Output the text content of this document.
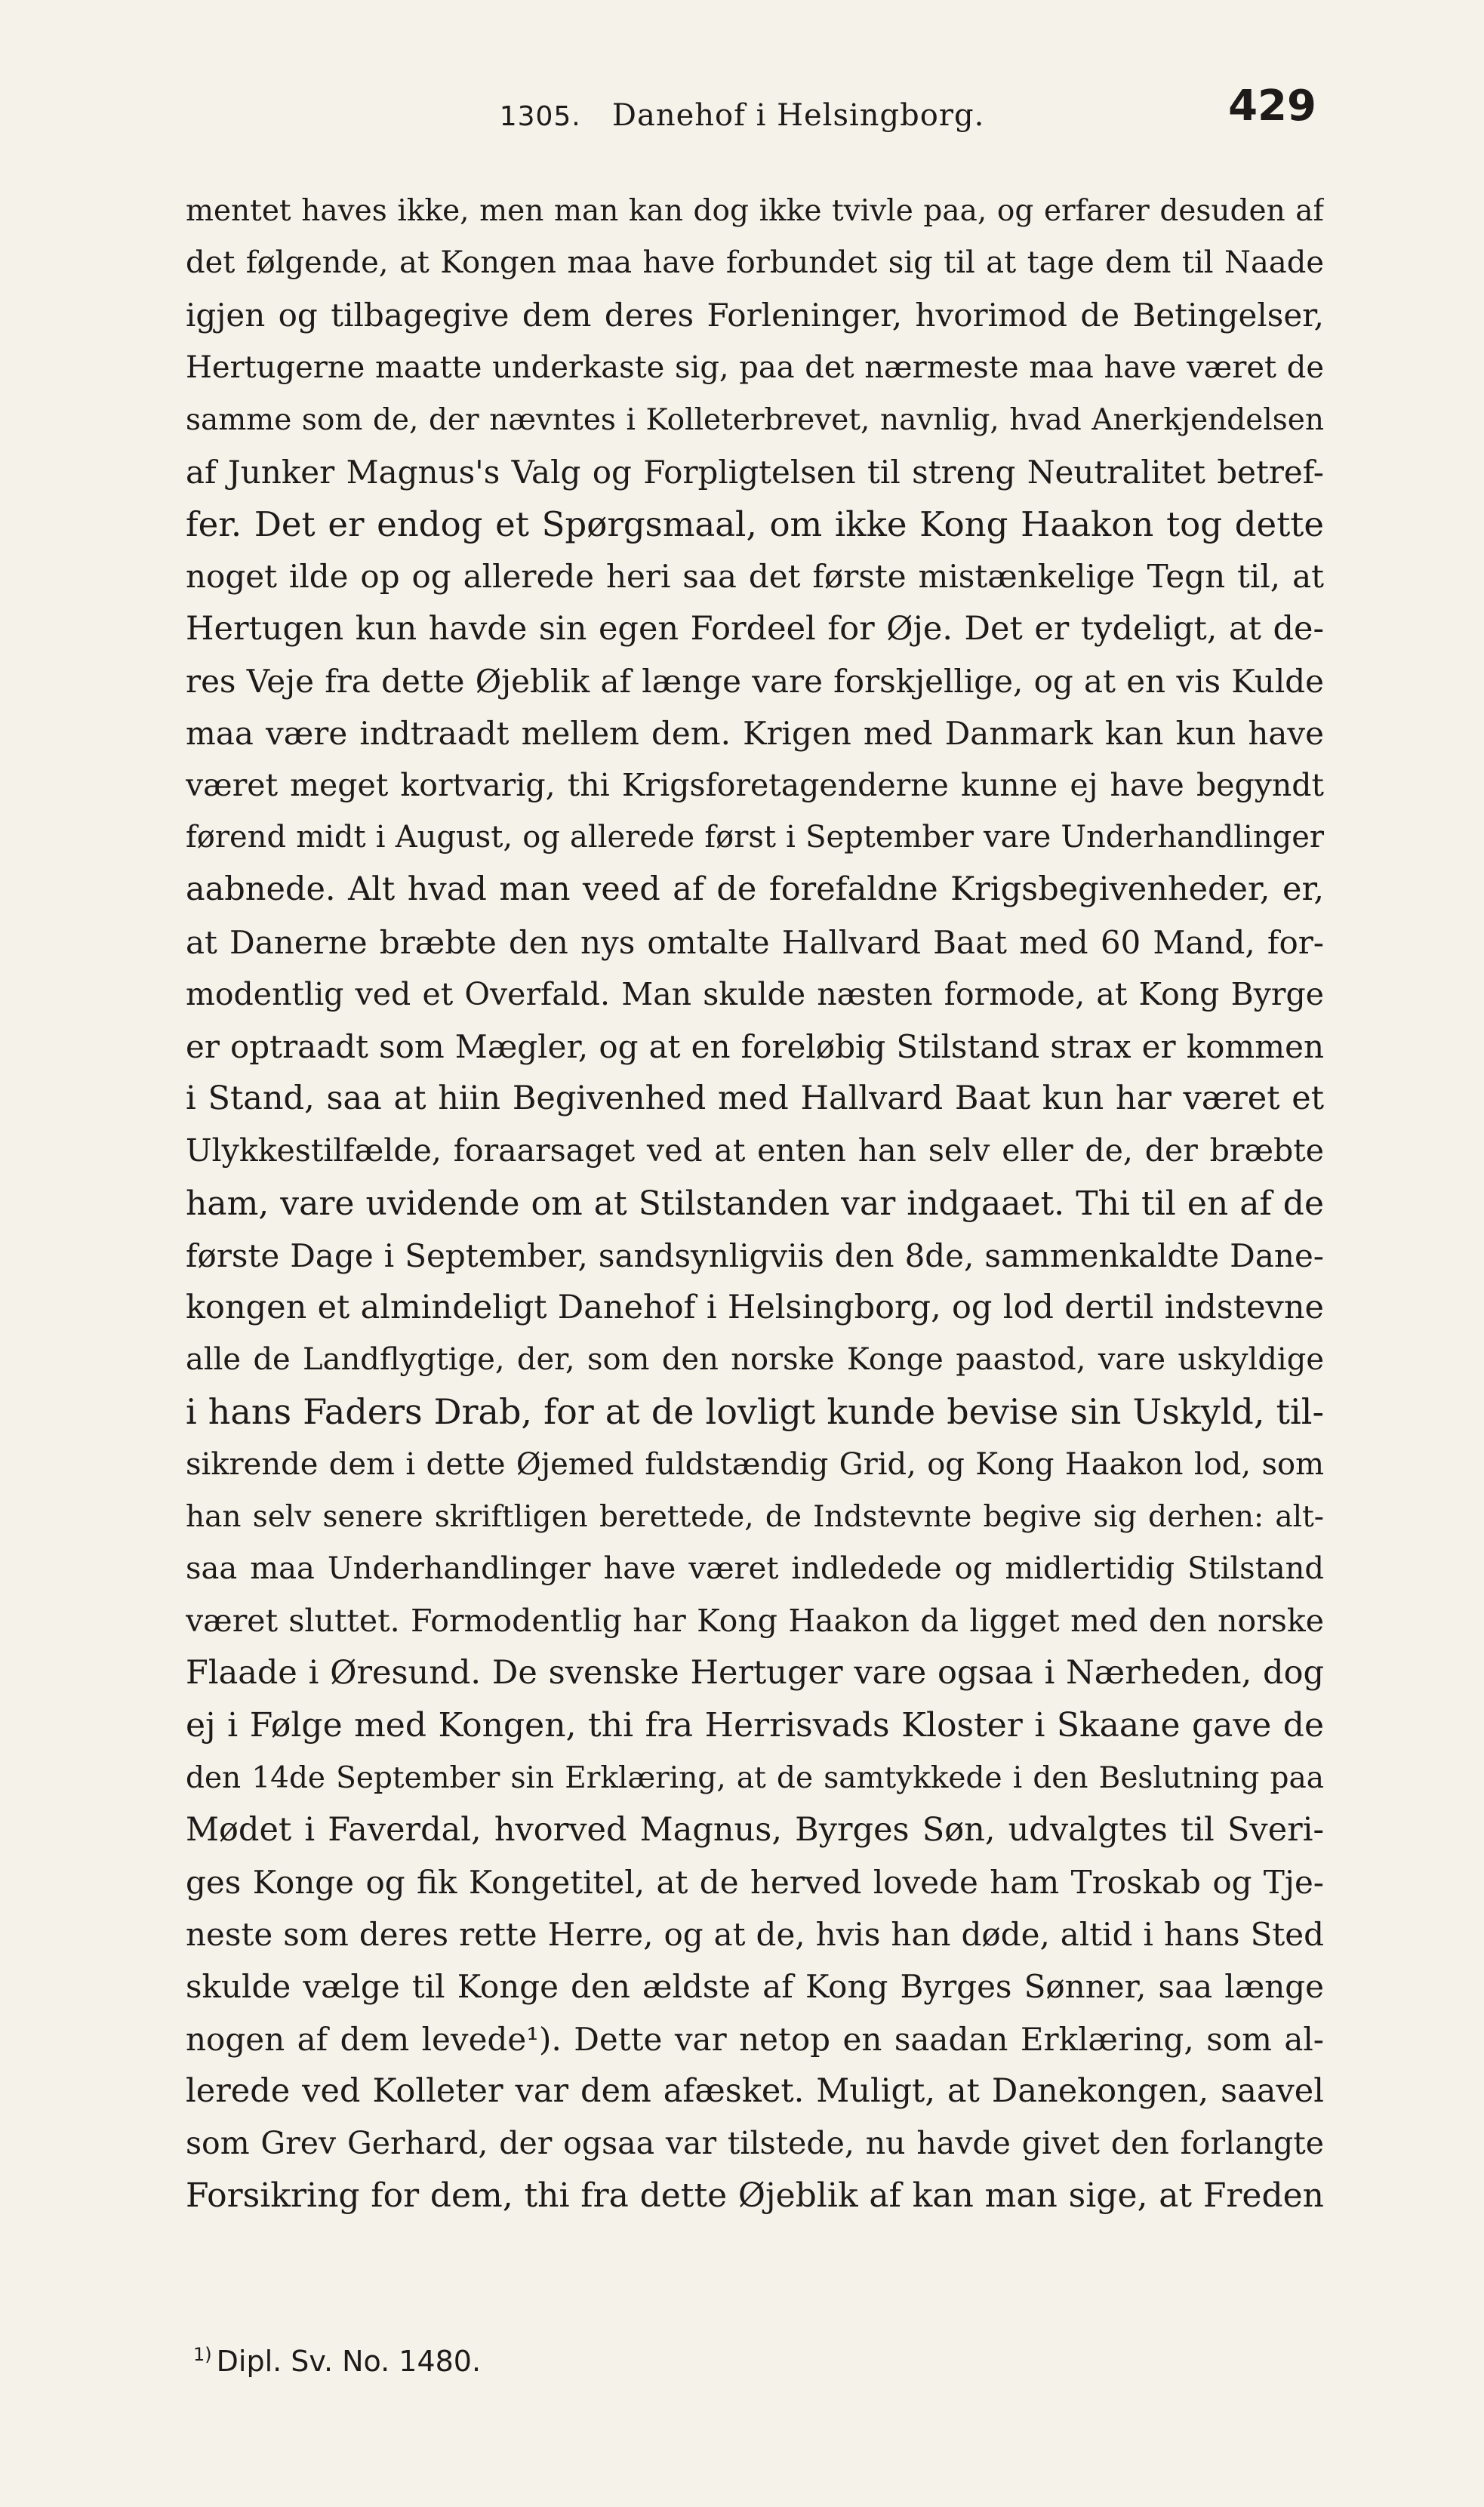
1305. Danehof i Helsingborg.	429
mentet haves ikke, men man kan dog ikke tvivle paa, og erfarer desuden af
det følgende, at Kongen maa have forbundet sig til at tage dem til Naade
igjen og tilbagegive dem deres Forleninger, hvorimod de Betingelser,
Hertugerne maatte underkaste sig, paa det nærmeste maa have været de
samme som de, der nævntes i Kolleterbrevet, navnlig, hvad Anerkjendelsen
af Junker Magnus's Valg og Forpligtelsen til streng Neutralitet betref-
fer. Det er endog et Spørgsmaal, om ikke Kong Haakon tog dette
noget ilde op og allerede heri saa det første mistænkelige Tegn til, at
Hertugen kun havde sin egen Fordeel for Øje. Det er tydeligt, at de-
res Veje fra dette Øjeblik af længe vare forskjellige, og at en vis Kulde
maa være indtraadt mellem dem. Krigen med Danmark kan kun have
været meget kortvarig, thi Krigsforetagenderne kunne ej have begyndt
førend midt i August, og allerede først i September vare Underhandlinger
aabnede. Alt hvad man veed af de forefaldne Krigsbegivenheder, er,
at Danerne bræbte den nys omtalte Hallvard Baat med 60 Mand, for-
modentlig ved et Overfald. Man skulde næsten formode, at Kong Byrge
er optraadt som Mægler, og at en foreløbig Stilstand strax er kommen
i Stand, saa at hiin Begivenhed med Hallvard Baat kun har været et
Ulykkestilfælde, foraarsaget ved at enten han selv eller de, der bræbte
ham, vare uvidende om at Stilstanden var indgaaet. Thi til en af de
første Dage i September, sandsynligviis den 8de, sammenkaldte Dane-
kongen et almindeligt Danehof i Helsingborg, og lod dertil indstevne
alle de Landflygtige, der, som den norske Konge paastod, vare uskyldige
i hans Faders Drab, for at de lovligt kunde bevise sin Uskyld, til-
sikrende dem i dette Øjemed fuldstændig Grid, og Kong Haakon lod, som
han selv senere skriftligen berettede, de Indstevnte begive sig derhen: alt-
saa maa Underhandlinger have været indledede og midlertidig Stilstand
været sluttet. Formodentlig har Kong Haakon da ligget med den norske
Flaade i Øresund. De svenske Hertuger vare ogsaa i Nærheden, dog
ej i Følge med Kongen, thi fra Herrisvads Kloster i Skaane gave de
den 14de September sin Erklæring, at de samtykkede i den Beslutning paa
Mødet i Faverdal, hvorved Magnus, Byrges Søn, udvalgtes til Sveri-
ges Konge og fik Kongetitel, at de herved lovede ham Troskab og Tje-
neste som deres rette Herre, og at de, hvis han døde, altid i hans Sted
skulde vælge til Konge den ældste af Kong Byrges Sønner, saa længe
nogen af dem levede¹). Dette var netop en saadan Erklæring, som al-
lerede ved Kolleter var dem afæsket. Muligt, at Danekongen, saavel
som Grev Gerhard, der ogsaa var tilstede, nu havde givet den forlangte
Forsikring for dem, thi fra dette Øjeblik af kan man sige, at Freden
$^{1)}$ Dipl. Sv. No. 1480.
